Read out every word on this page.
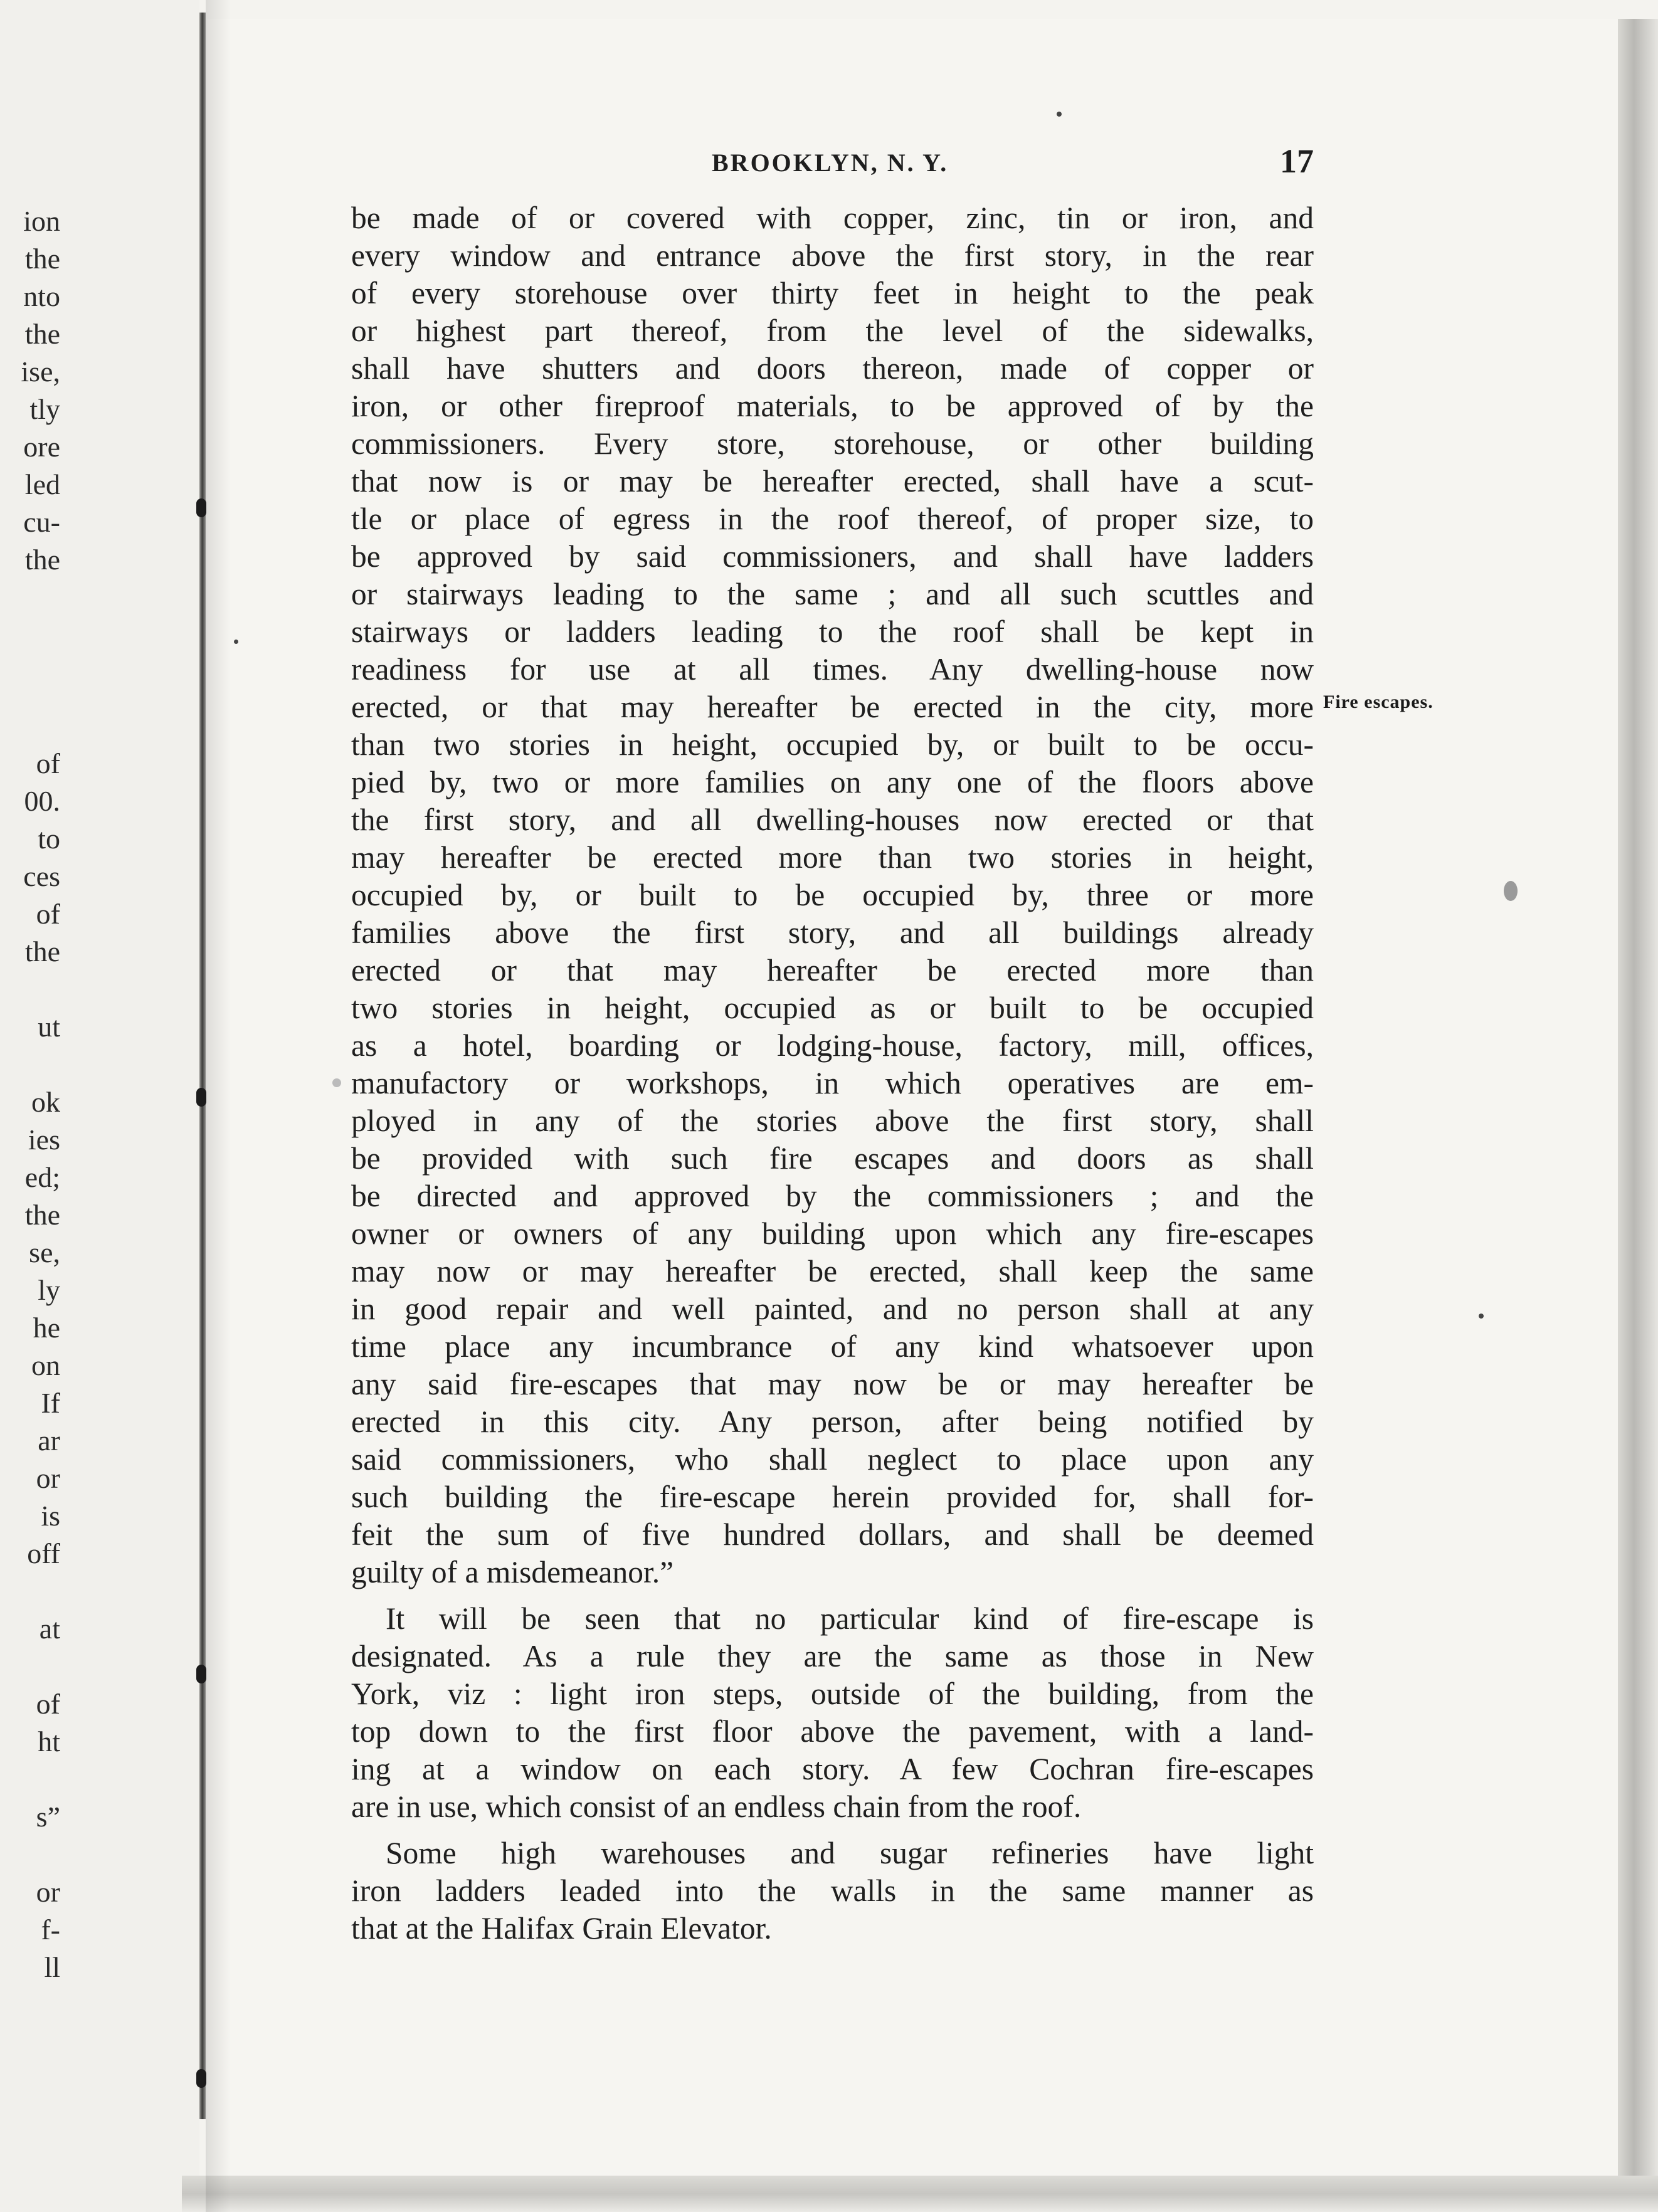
ion
the
nto
the
ise,
tly
ore
led
cu-
the
of
00.
to
ces
of
the
ut
ok
ies
ed;
the
se,
ly
he
on
If
ar
or
is
off
at
of
ht
s”
or
f-
ll
BROOKLYN, N. Y.	17
be made of or covered with copper, zinc, tin or iron, and
every window and entrance above the first story, in the rear
of every storehouse over thirty feet in height to the peak
or highest part thereof, from the level of the sidewalks,
shall have shutters and doors thereon, made of copper or
iron, or other fireproof materials, to be approved of by the
commissioners. Every store, storehouse, or other building
that now is or may be hereafter erected, shall have a scut-
tle or place of egress in the roof thereof, of proper size, to
be approved by said commissioners, and shall have ladders
or stairways leading to the same ; and all such scuttles and
stairways or ladders leading to the roof shall be kept in
readiness for use at all times. Any dwelling-house now
erected, or that may hereafter be erected in the city, more
than two stories in height, occupied by, or built to be occu-
pied by, two or more families on any one of the floors above
the first story, and all dwelling-houses now erected or that
may hereafter be erected more than two stories in height,
occupied by, or built to be occupied by, three or more
families above the first story, and all buildings already
erected or that may hereafter be erected more than
two stories in height, occupied as or built to be occupied
as a hotel, boarding or lodging-house, factory, mill, offices,
manufactory or workshops, in which operatives are em-
ployed in any of the stories above the first story, shall
be provided with such fire escapes and doors as shall
be directed and approved by the commissioners ; and the
owner or owners of any building upon which any fire-escapes
may now or may hereafter be erected, shall keep the same
in good repair and well painted, and no person shall at any
time place any incumbrance of any kind whatsoever upon
any said fire-escapes that may now be or may hereafter be
erected in this city. Any person, after being notified by
said commissioners, who shall neglect to place upon any
such building the fire-escape herein provided for, shall for-
feit the sum of five hundred dollars, and shall be deemed
guilty of a misdemeanor.”
It will be seen that no particular kind of fire-escape is
designated. As a rule they are the same as those in New
York, viz : light iron steps, outside of the building, from the
top down to the first floor above the pavement, with a land-
ing at a window on each story. A few Cochran fire-escapes
are in use, which consist of an endless chain from the roof.
Some high warehouses and sugar refineries have light
iron ladders leaded into the walls in the same manner as
that at the Halifax Grain Elevator.
Fire escapes.
